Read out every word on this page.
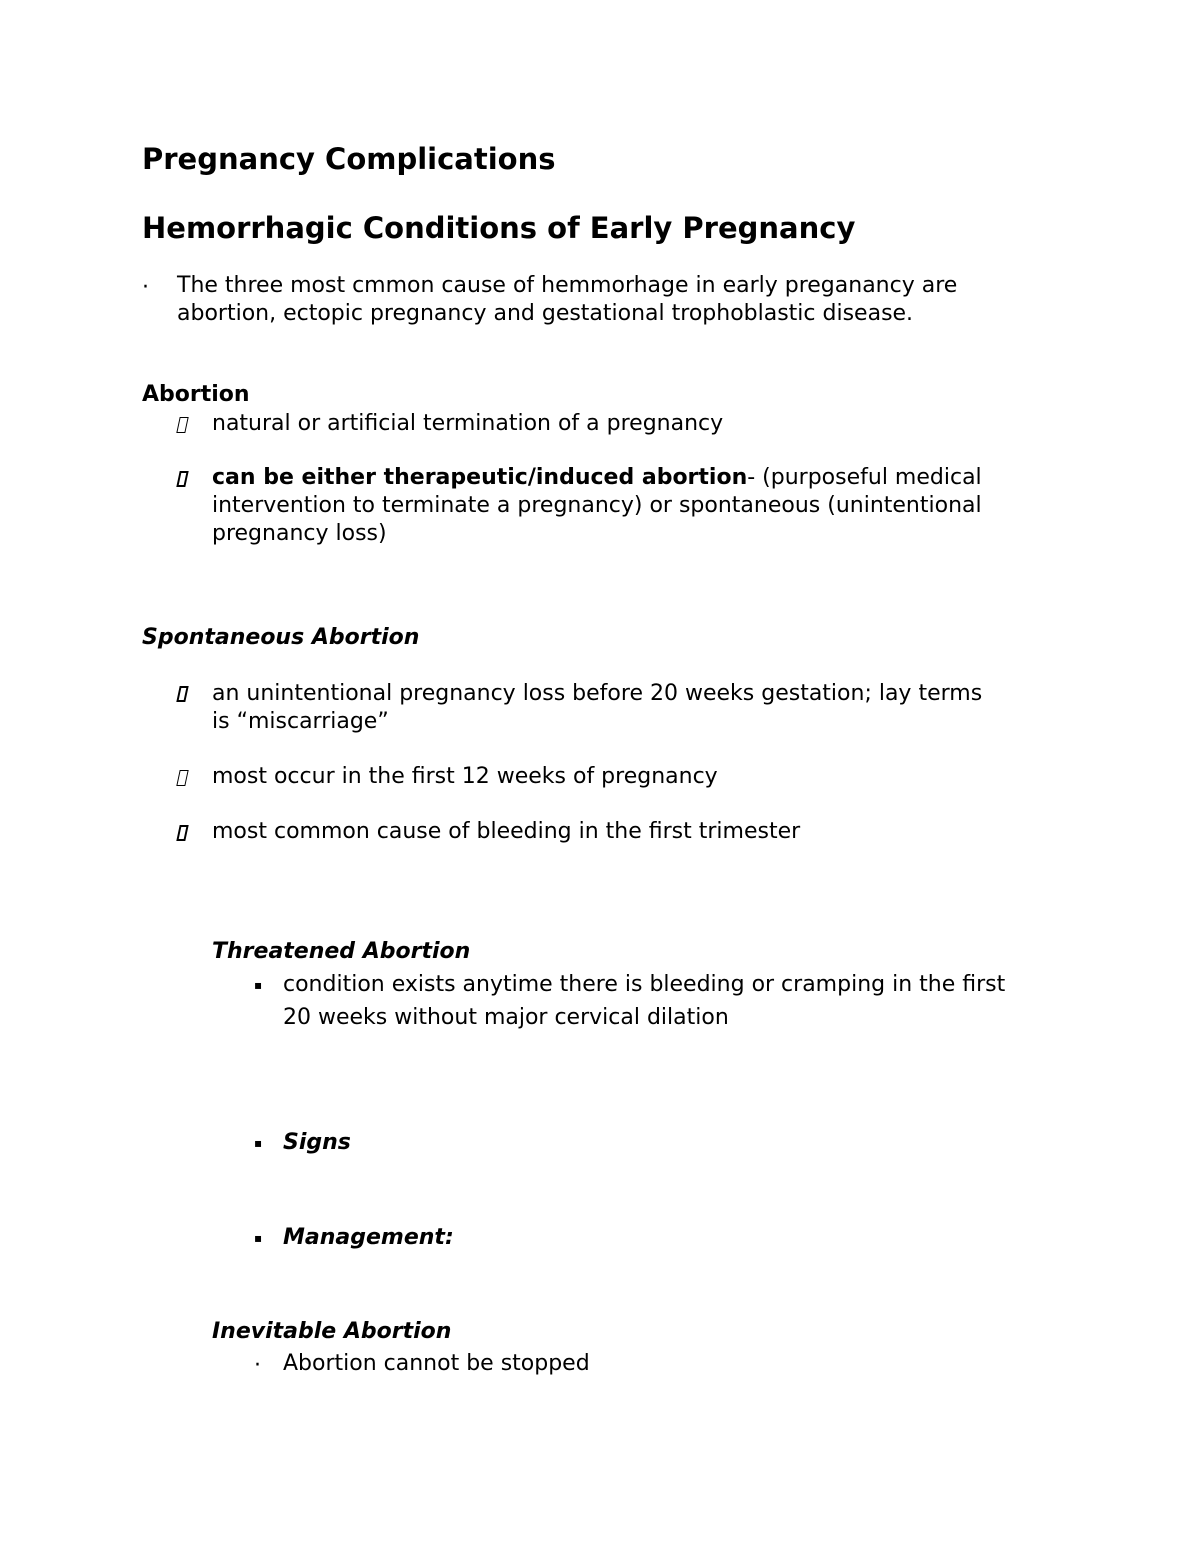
Pregnancy Complications
Hemorrhagic Conditions of Early Pregnancy
· The three most cmmon cause of hemmorhage in early preganancy are
abortion, ectopic pregnancy and gestational trophoblastic disease.
Abortion
natural or artificial termination of a pregnancy
can be either therapeutic/induced abortion- (purposeful medical
intervention to terminate a pregnancy) or spontaneous (unintentional
pregnancy loss)
Spontaneous Abortion
an unintentional pregnancy loss before 20 weeks gestation; lay terms
is “miscarriage”
most occur in the first 12 weeks of pregnancy
most common cause of bleeding in the first trimester
Threatened Abortion
▪ condition exists anytime there is bleeding or cramping in the first
20 weeks without major cervical dilation
▪ Signs
▪ Management:
Inevitable Abortion
· Abortion cannot be stopped
